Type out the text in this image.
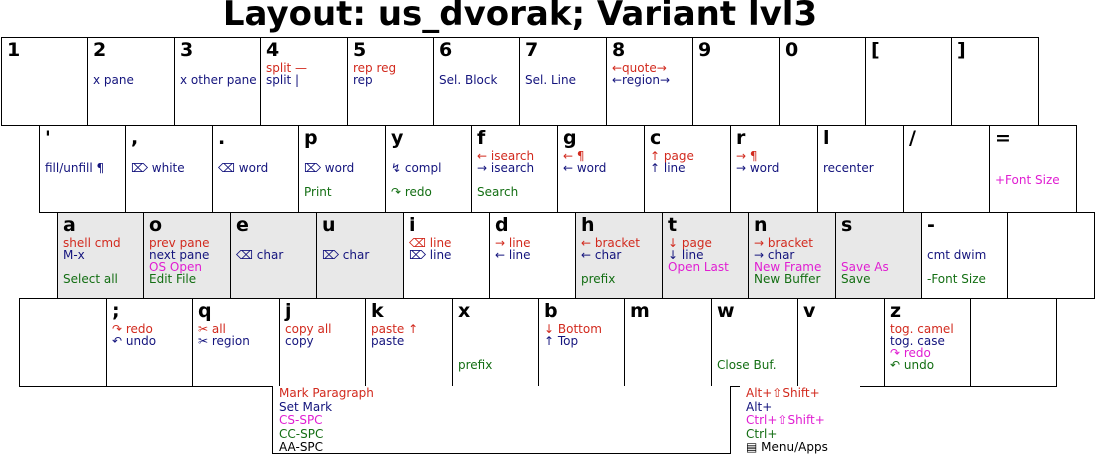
Layout: us_dvorak; Variant lvl3
1	2
x pane
3
x other pane
4
split —
split |
5
rep reg
rep
6
Sel. Block
7
Sel. Line
8
←quote→
←region→
9	0	[	]
'
fill/unfill ¶
,
⌦ white
.
⌫ word
p
⌦ word
Print
y
↯ compl
↷ redo
f
← isearch
→ isearch
Search
g
← ¶
← word
c
↑ page
↑ line
r
→ ¶
→ word
l
recenter
/	=
+Font Size
a
shell cmd
M-x
Select all
o
prev pane
next pane
OS Open
Edit File
e
⌫ char
u
⌦ char
i
⌫ line
⌦ line
d
→ line
← line
h
← bracket
← char
prefix
t
↓ page
↓ line
Open Last
n
→ bracket
→ char
New Frame
New Buffer
s
Save As
Save
-
cmt dwim
-Font Size
;
↷ redo
↶ undo
q
✂ all
✂ region
j
copy all
copy
k
paste ↑
paste
x
prefix
b
↓ Bottom
↑ Top
m	w
Close Buf.
v	z
tog. camel
tog. case
↷ redo
↶ undo
Mark Paragraph
Set Mark
CS-SPC
CC-SPC
AA-SPC
Alt+⇧Shift+
Alt+
Ctrl+⇧Shift+
Ctrl+
▤ Menu/Apps
